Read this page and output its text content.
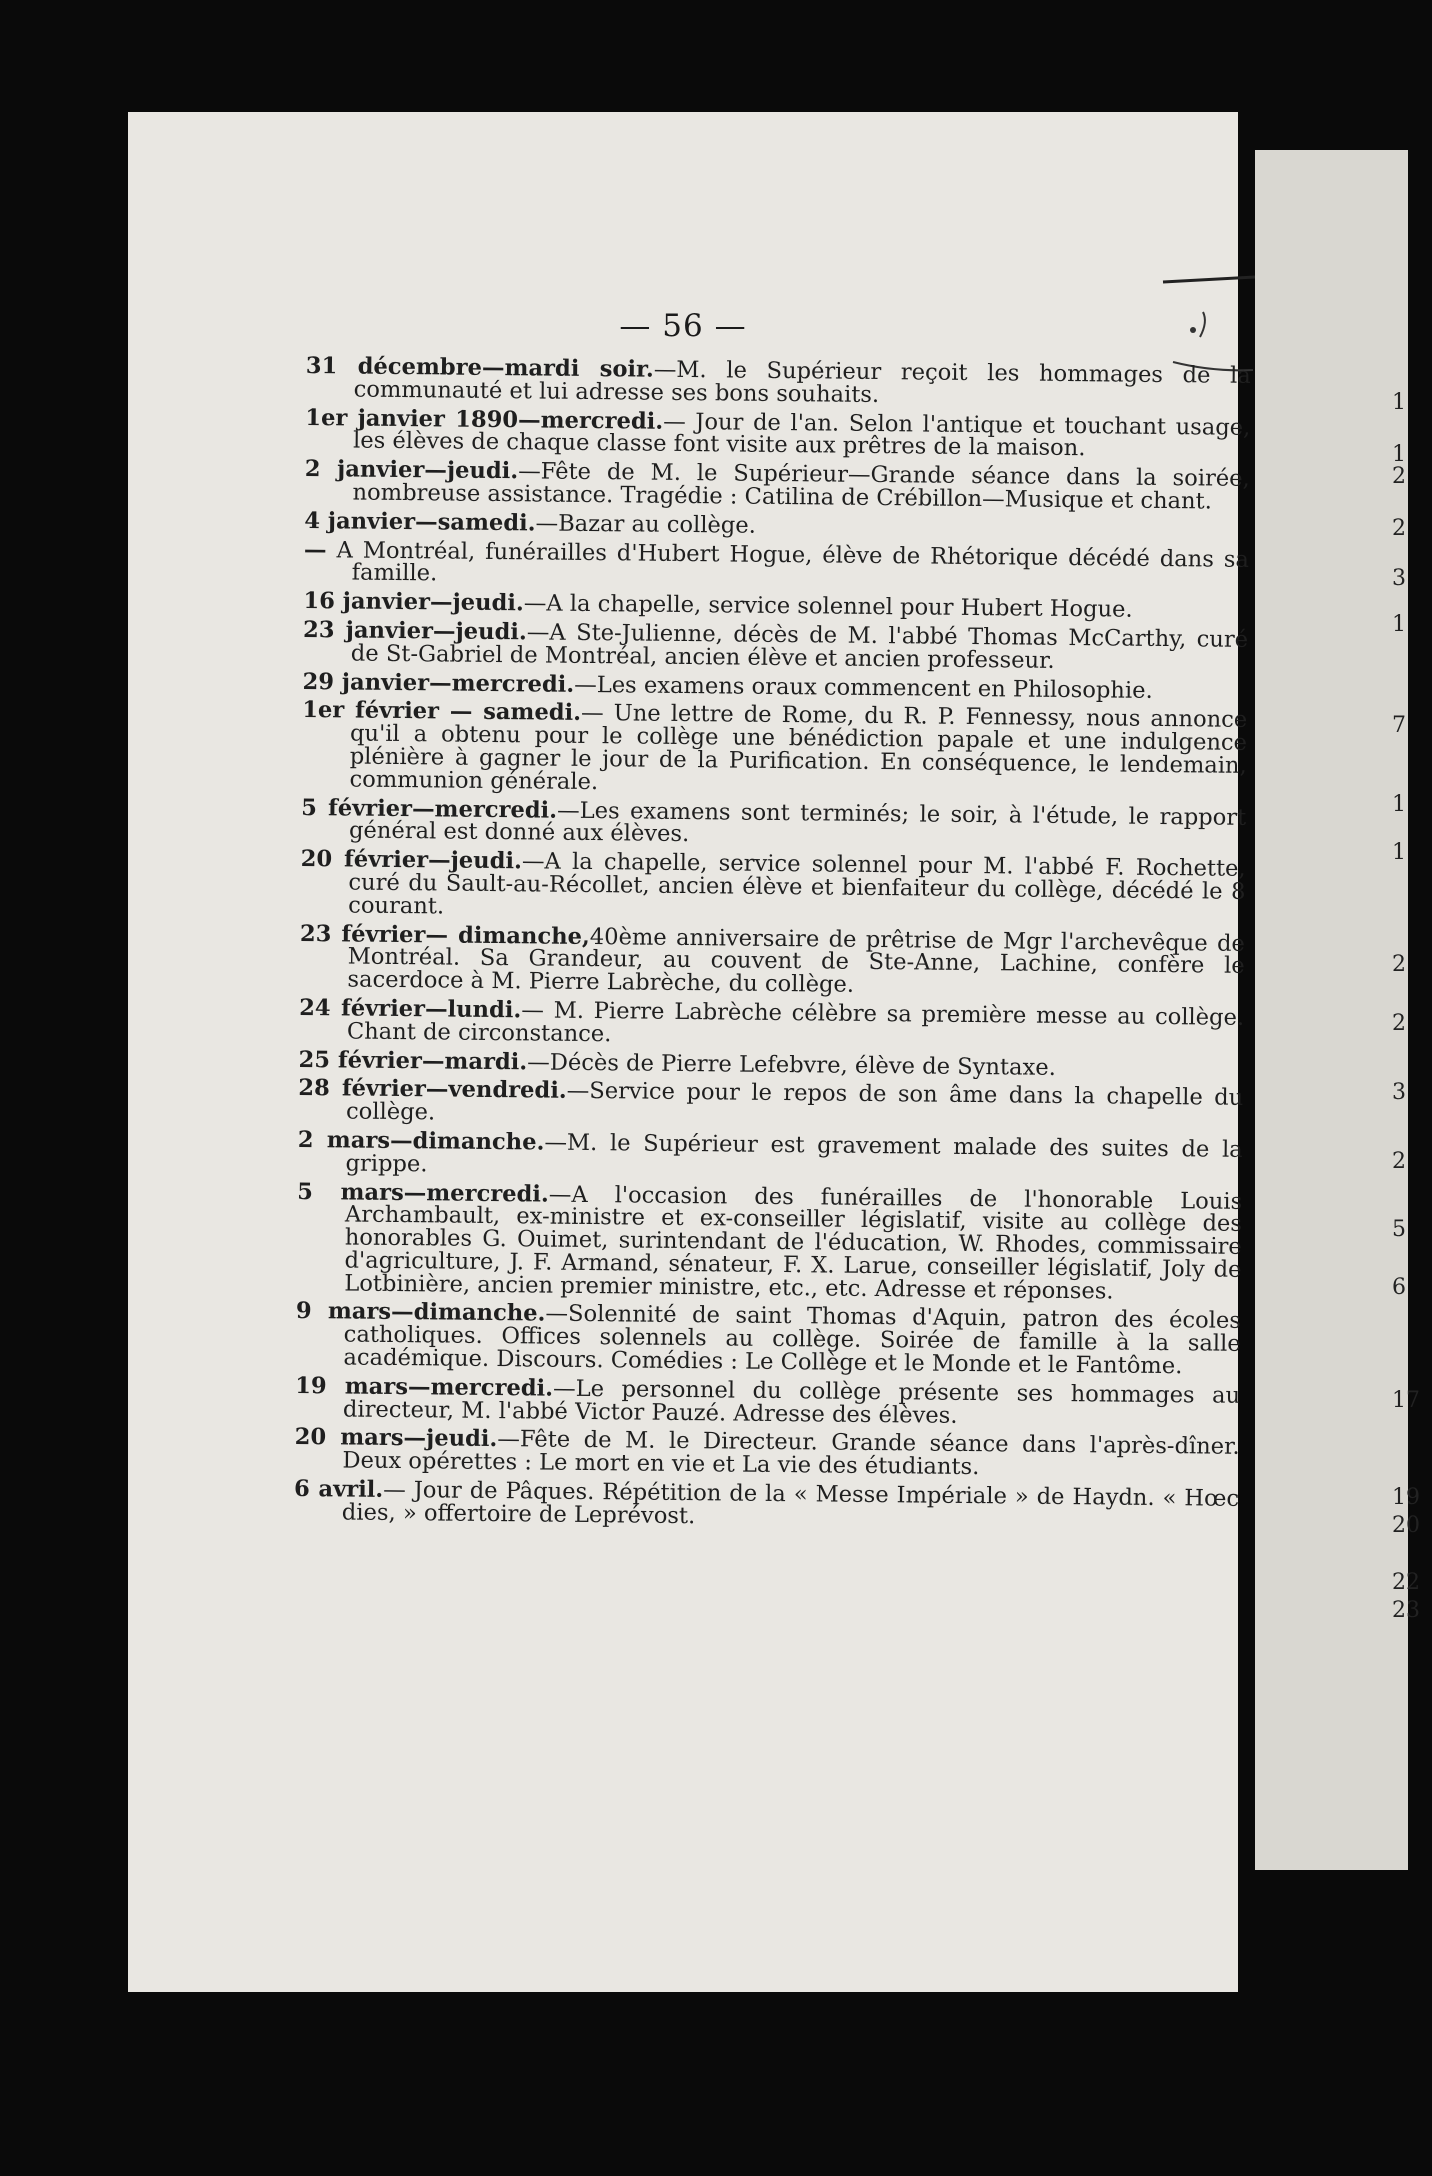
— 56 —
31 décembre—mardi soir.—M. le Supérieur reçoit les hommages de la communauté et lui adresse ses bons souhaits.
1er janvier 1890—mercredi.— Jour de l'an. Selon l'antique et touchant usage, les élèves de chaque classe font visite aux prêtres de la maison.
2 janvier—jeudi.—Fête de M. le Supérieur—Grande séance dans la soirée, nombreuse assistance. Tragédie : Catilina de Crébillon—Musique et chant.
4 janvier—samedi.—Bazar au collège.
— A Montréal, funérailles d'Hubert Hogue, élève de Rhétorique décédé dans sa famille.
16 janvier—jeudi.—A la chapelle, service solennel pour Hubert Hogue.
23 janvier—jeudi.—A Ste-Julienne, décès de M. l'abbé Thomas McCarthy, curé de St-Gabriel de Montréal, ancien élève et ancien professeur.
29 janvier—mercredi.—Les examens oraux commencent en Philosophie.
1er février — samedi.— Une lettre de Rome, du R. P. Fennessy, nous annonce qu'il a obtenu pour le collège une bénédiction papale et une indulgence plénière à gagner le jour de la Purification. En conséquence, le lendemain, communion générale.
5 février—mercredi.—Les examens sont terminés; le soir, à l'étude, le rapport général est donné aux élèves.
20 février—jeudi.—A la chapelle, service solennel pour M. l'abbé F. Rochette, curé du Sault-au-Récollet, ancien élève et bienfaiteur du collège, décédé le 8 courant.
23 février— dimanche,40ème anniversaire de prêtrise de Mgr l'archevêque de Montréal. Sa Grandeur, au couvent de Ste-Anne, Lachine, confère le sacerdoce à M. Pierre Labrèche, du collège.
24 février—lundi.— M. Pierre Labrèche célèbre sa première messe au collège. Chant de circonstance.
25 février—mardi.—Décès de Pierre Lefebvre, élève de Syntaxe.
28 février—vendredi.—Service pour le repos de son âme dans la chapelle du collège.
2 mars—dimanche.—M. le Supérieur est gravement malade des suites de la grippe.
5 mars—mercredi.—A l'occasion des funérailles de l'honorable Louis Archambault, ex-ministre et ex-conseiller législatif, visite au collège des honorables G. Ouimet, surintendant de l'éducation, W. Rhodes, commissaire d'agriculture, J. F. Armand, sénateur, F. X. Larue, conseiller législatif, Joly de Lotbinière, ancien premier ministre, etc., etc. Adresse et réponses.
9 mars—dimanche.—Solennité de saint Thomas d'Aquin, patron des écoles catholiques. Offices solennels au collège. Soirée de famille à la salle académique. Discours. Comédies : Le Collège et le Monde et le Fantôme.
19 mars—mercredi.—Le personnel du collège présente ses hommages au directeur, M. l'abbé Victor Pauzé. Adresse des élèves.
20 mars—jeudi.—Fête de M. le Directeur. Grande séance dans l'après-dîner. Deux opérettes : Le mort en vie et La vie des étudiants.
6 avril.— Jour de Pâques. Répétition de la « Messe Impériale » de Haydn. « Hœc dies, » offertoire de Leprévost.
1
1
2
2
3
1
7
1
1
2
2
3
2
5
6
17
19
20
22
23
